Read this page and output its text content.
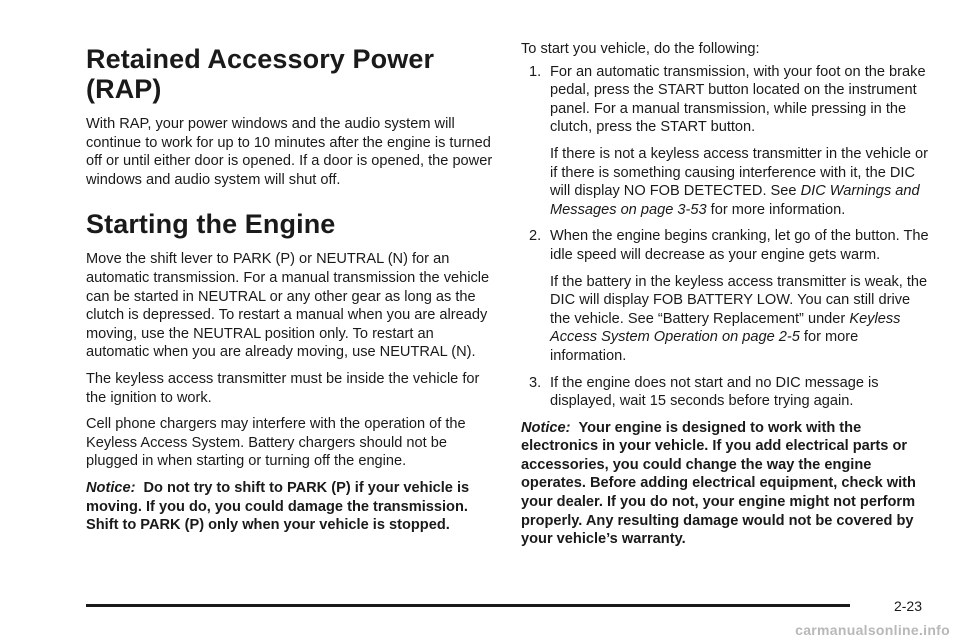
Retained Accessory Power (RAP)

With RAP, your power windows and the audio system will continue to work for up to 10 minutes after the engine is turned off or until either door is opened. If a door is opened, the power windows and audio system will shut off.

Starting the Engine

Move the shift lever to PARK (P) or NEUTRAL (N) for an automatic transmission. For a manual transmission the vehicle can be started in NEUTRAL or any other gear as long as the clutch is depressed. To restart a manual when you are already moving, use the NEUTRAL position only. To restart an automatic when you are already moving, use NEUTRAL (N).

The keyless access transmitter must be inside the vehicle for the ignition to work.

Cell phone chargers may interfere with the operation of the Keyless Access System. Battery chargers should not be plugged in when starting or turning off the engine.

Notice: Do not try to shift to PARK (P) if your vehicle is moving. If you do, you could damage the transmission. Shift to PARK (P) only when your vehicle is stopped.

To start you vehicle, do the following:

1. For an automatic transmission, with your foot on the brake pedal, press the START button located on the instrument panel. For a manual transmission, while pressing in the clutch, press the START button.
If there is not a keyless access transmitter in the vehicle or if there is something causing interference with it, the DIC will display NO FOB DETECTED. See DIC Warnings and Messages on page 3-53 for more information.
2. When the engine begins cranking, let go of the button. The idle speed will decrease as your engine gets warm.
If the battery in the keyless access transmitter is weak, the DIC will display FOB BATTERY LOW. You can still drive the vehicle. See “Battery Replacement” under Keyless Access System Operation on page 2-5 for more information.
3. If the engine does not start and no DIC message is displayed, wait 15 seconds before trying again.

Notice: Your engine is designed to work with the electronics in your vehicle. If you add electrical parts or accessories, you could change the way the engine operates. Before adding electrical equipment, check with your dealer. If you do not, your engine might not perform properly. Any resulting damage would not be covered by your vehicle’s warranty.

2-23
carmanualsonline.info
